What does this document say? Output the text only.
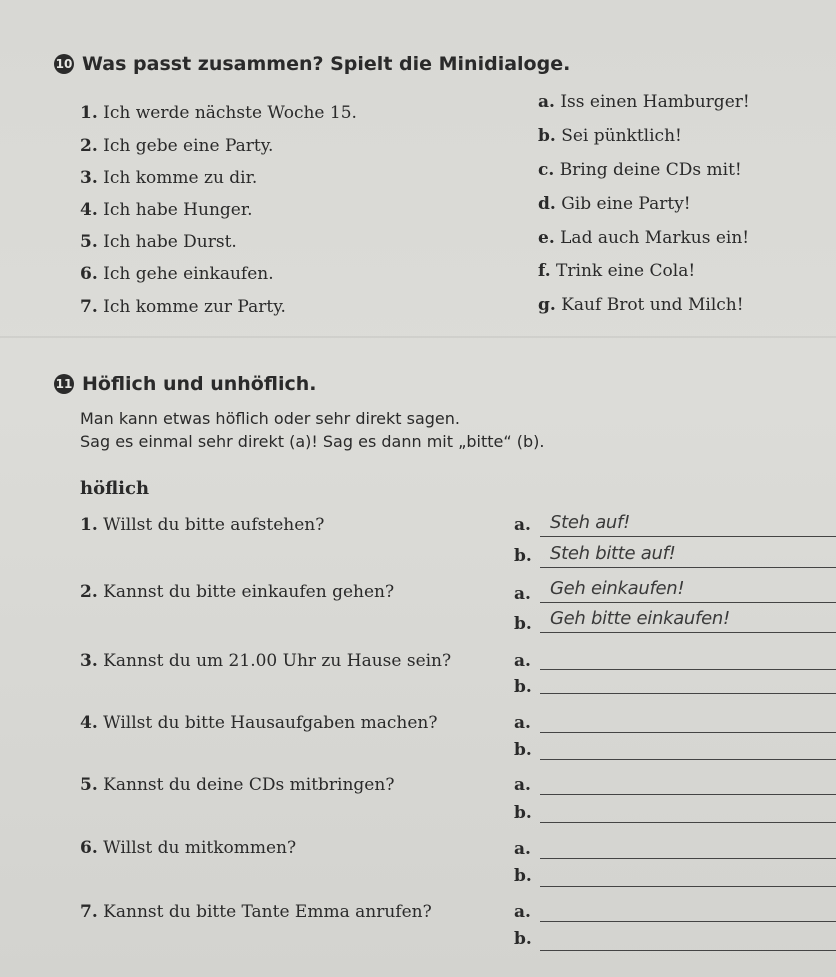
10 Was passt zusammen? Spielt die Minidialoge.
1. Ich werde nächste Woche 15.
2. Ich gebe eine Party.
3. Ich komme zu dir.
4. Ich habe Hunger.
5. Ich habe Durst.
6. Ich gehe einkaufen.
7. Ich komme zur Party.
a. Iss einen Hamburger!
b. Sei pünktlich!
c. Bring deine CDs mit!
d. Gib eine Party!
e. Lad auch Markus ein!
f. Trink eine Cola!
g. Kauf Brot und Milch!
11 Höflich und unhöflich.
Man kann etwas höflich oder sehr direkt sagen.
Sag es einmal sehr direkt (a)! Sag es dann mit „bitte“ (b).
höflich
1. Willst du bitte aufstehen?	a. Steh auf!
b. Steh bitte auf!
2. Kannst du bitte einkaufen gehen?	a. Geh einkaufen!
b. Geh bitte einkaufen!
3. Kannst du um 21.00 Uhr zu Hause sein?	a.
b.
4. Willst du bitte Hausaufgaben machen?	a.
b.
5. Kannst du deine CDs mitbringen?	a.
b.
6. Willst du mitkommen?	a.
b.
7. Kannst du bitte Tante Emma anrufen?	a.
b.
